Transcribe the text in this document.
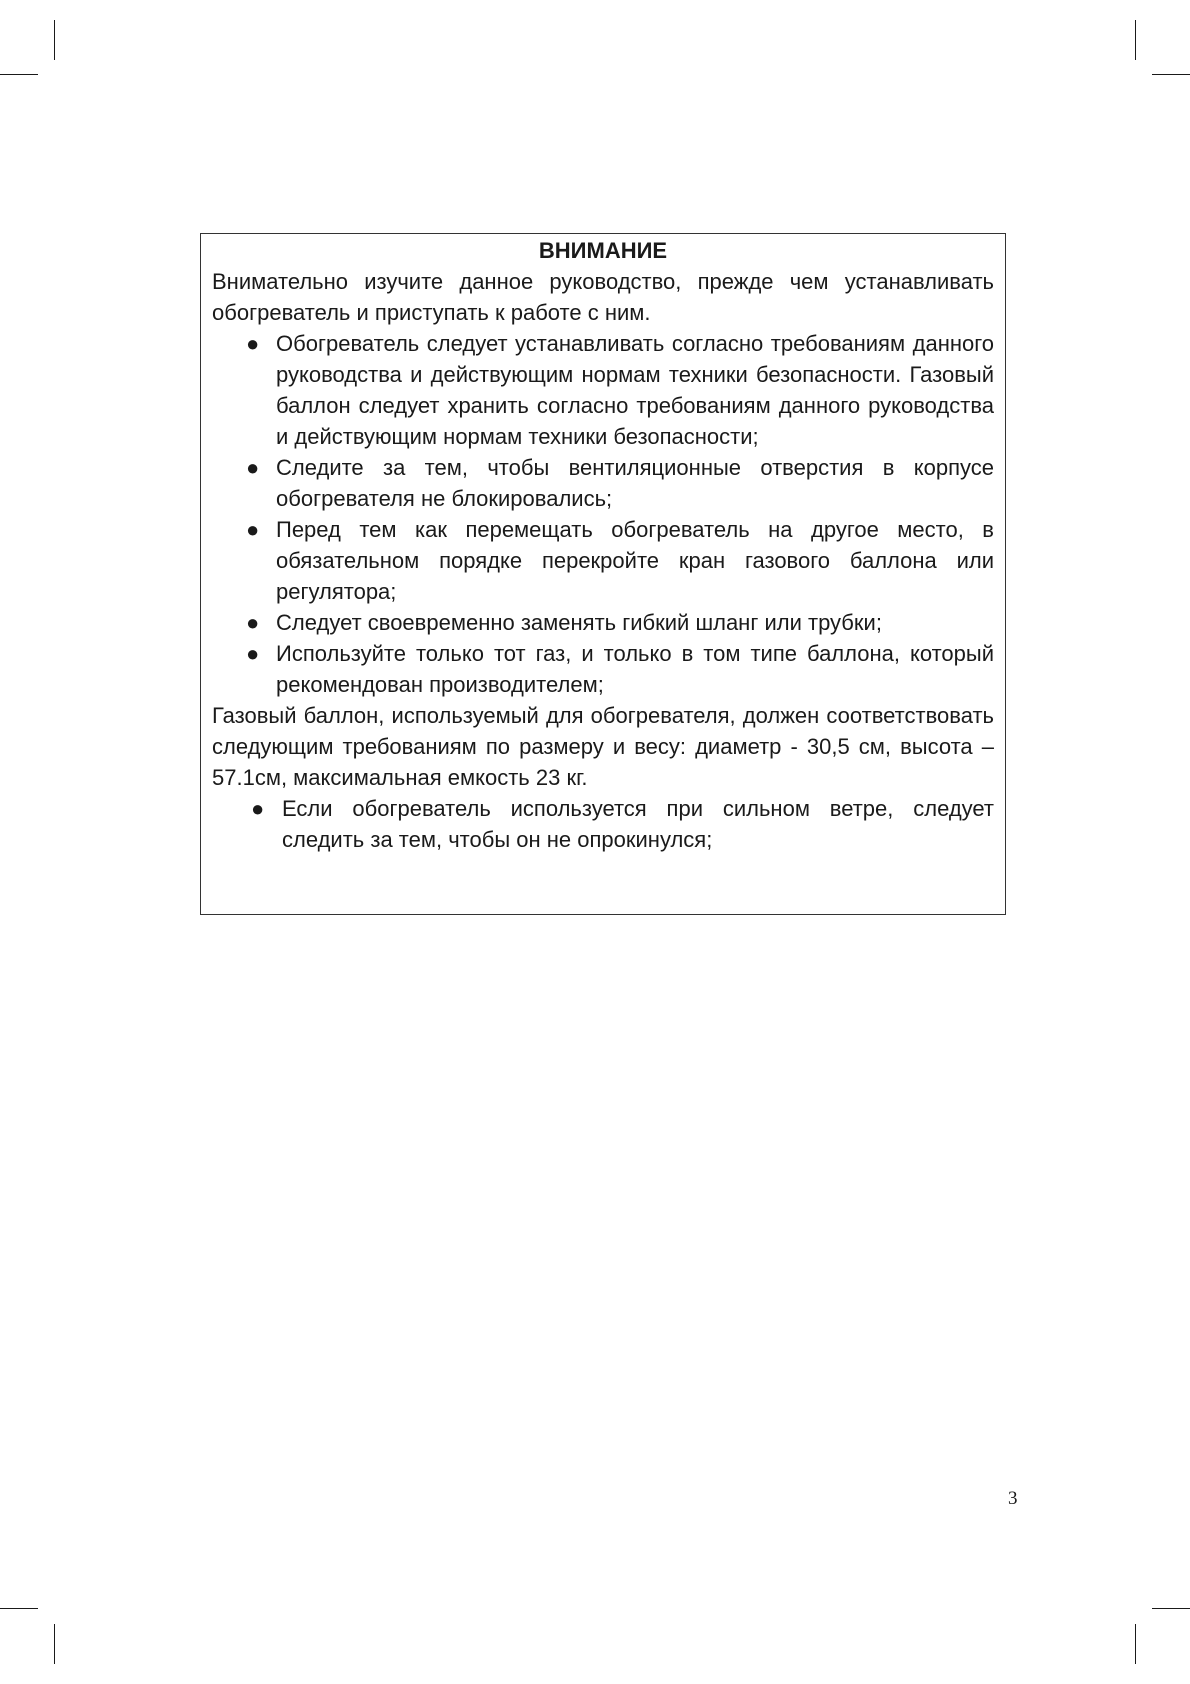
ВНИМАНИЕ

Внимательно изучите данное руководство, прежде чем устанавливать обогреватель и приступать к работе с ним.

● Обогреватель следует устанавливать согласно требованиям данного руководства и действующим нормам техники безопасности. Газовый баллон следует хранить согласно требованиям данного руководства и действующим нормам техники безопасности;
● Следите за тем, чтобы вентиляционные отверстия в корпусе обогревателя не блокировались;
● Перед тем как перемещать обогреватель на другое место, в обязательном порядке перекройте кран газового баллона или регулятора;
● Следует своевременно заменять гибкий шланг или трубки;
● Используйте только тот газ, и только в том типе баллона, который рекомендован производителем;

Газовый баллон, используемый для обогревателя, должен соответствовать следующим требованиям по размеру и весу: диаметр - 30,5 см, высота – 57.1см, максимальная емкость 23 кг.

● Если обогреватель используется при сильном ветре, следует следить за тем, чтобы он не опрокинулся;
3
